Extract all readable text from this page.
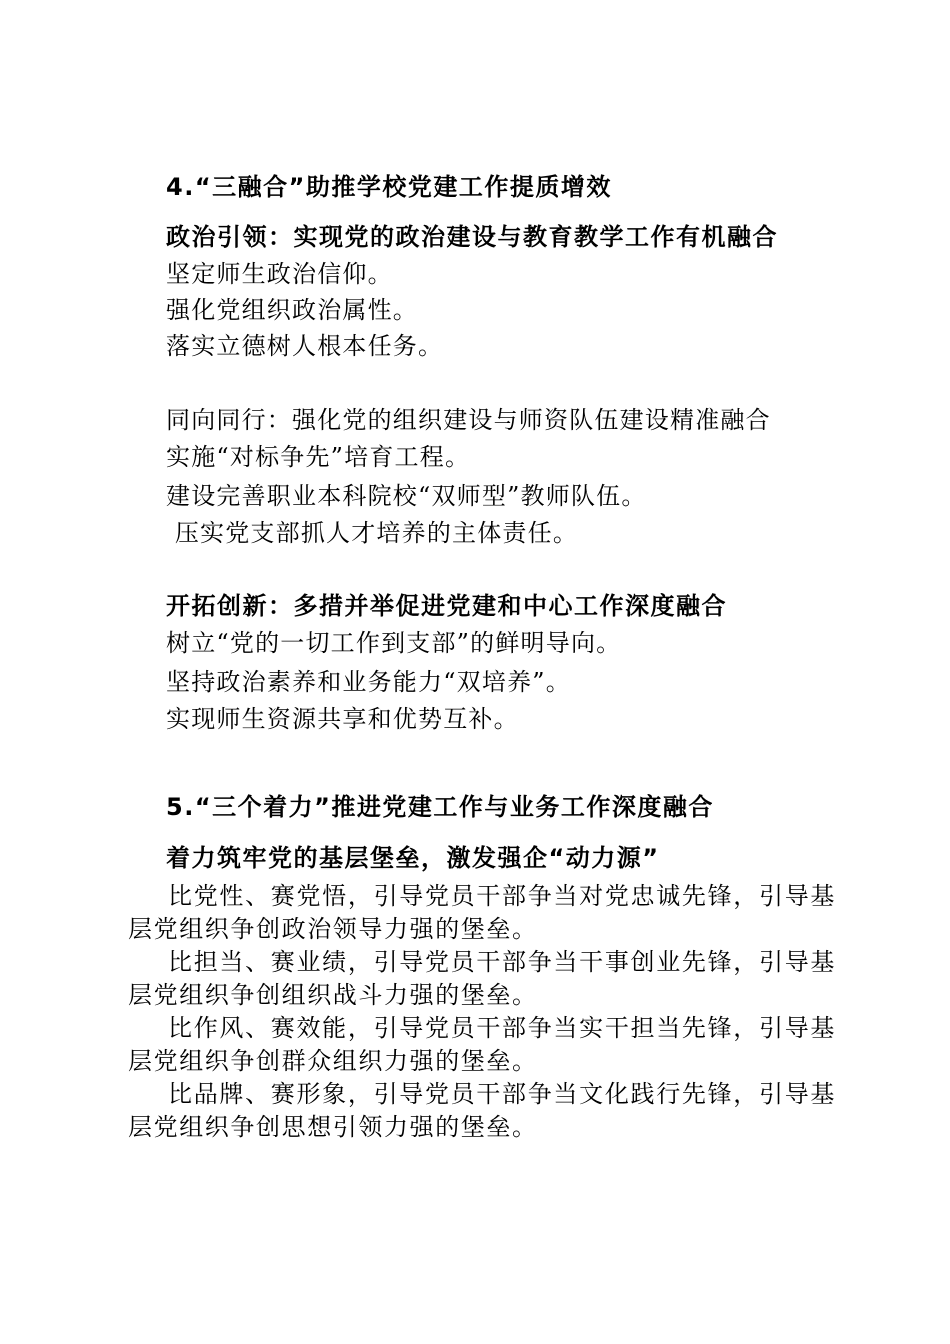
4.“三融合”助推学校党建工作提质增效
政治引领：实现党的政治建设与教育教学工作有机融合
坚定师生政治信仰。
强化党组织政治属性。
落实立德树人根本任务。
同向同行：强化党的组织建设与师资队伍建设精准融合
实施“对标争先”培育工程。
建设完善职业本科院校“双师型”教师队伍。
压实党支部抓人才培养的主体责任。
开拓创新：多措并举促进党建和中心工作深度融合
树立“党的一切工作到支部”的鲜明导向。
坚持政治素养和业务能力“双培养”。
实现师生资源共享和优势互补。
5.“三个着力”推进党建工作与业务工作深度融合
着力筑牢党的基层堡垒，激发强企“动力源”
比党性、赛党悟，引导党员干部争当对党忠诚先锋，引导基层党组织争创政治领导力强的堡垒。
比担当、赛业绩，引导党员干部争当干事创业先锋，引导基层党组织争创组织战斗力强的堡垒。
比作风、赛效能，引导党员干部争当实干担当先锋，引导基层党组织争创群众组织力强的堡垒。
比品牌、赛形象，引导党员干部争当文化践行先锋，引导基层党组织争创思想引领力强的堡垒。
